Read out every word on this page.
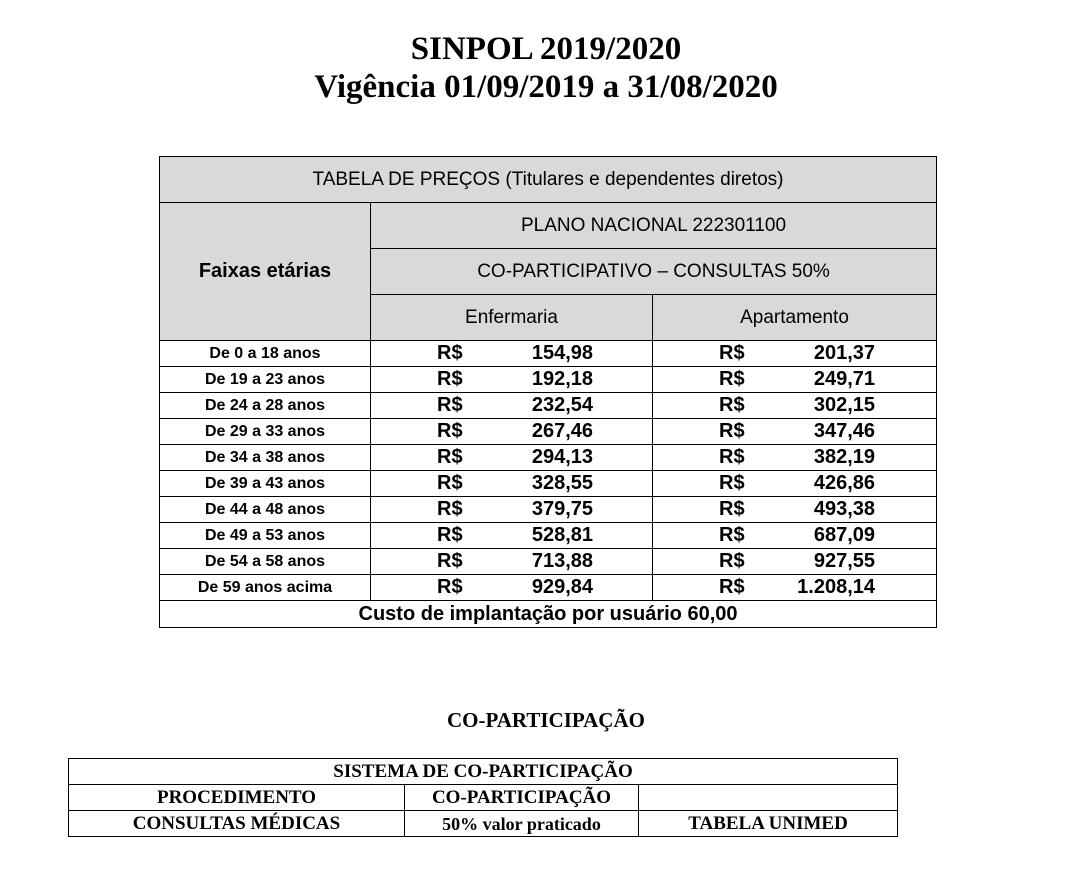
SINPOL 2019/2020
Vigência 01/09/2019 a 31/08/2020
TABELA DE PREÇOS (Titulares e dependentes diretos)		
Faixas etárias	PLANO NACIONAL 222301100	
	CO-PARTICIPATIVO – CONSULTAS 50%	
	Enfermaria	Apartamento
De 0 a 18 anos	R$ 154,98	R$ 201,37
De 19 a 23 anos	R$ 192,18	R$ 249,71
De 24 a 28 anos	R$ 232,54	R$ 302,15
De 29 a 33 anos	R$ 267,46	R$ 347,46
De 34 a 38 anos	R$ 294,13	R$ 382,19
De 39 a 43 anos	R$ 328,55	R$ 426,86
De 44 a 48 anos	R$ 379,75	R$ 493,38
De 49 a 53 anos	R$ 528,81	R$ 687,09
De 54 a 58 anos	R$ 713,88	R$ 927,55
De 59 anos acima	R$ 929,84	R$ 1.208,14
Custo de implantação por usuário 60,00		
CO-PARTICIPAÇÃO
SISTEMA DE CO-PARTICIPAÇÃO		
PROCEDIMENTO	CO-PARTICIPAÇÃO	
CONSULTAS MÉDICAS	50% valor praticado	TABELA UNIMED
